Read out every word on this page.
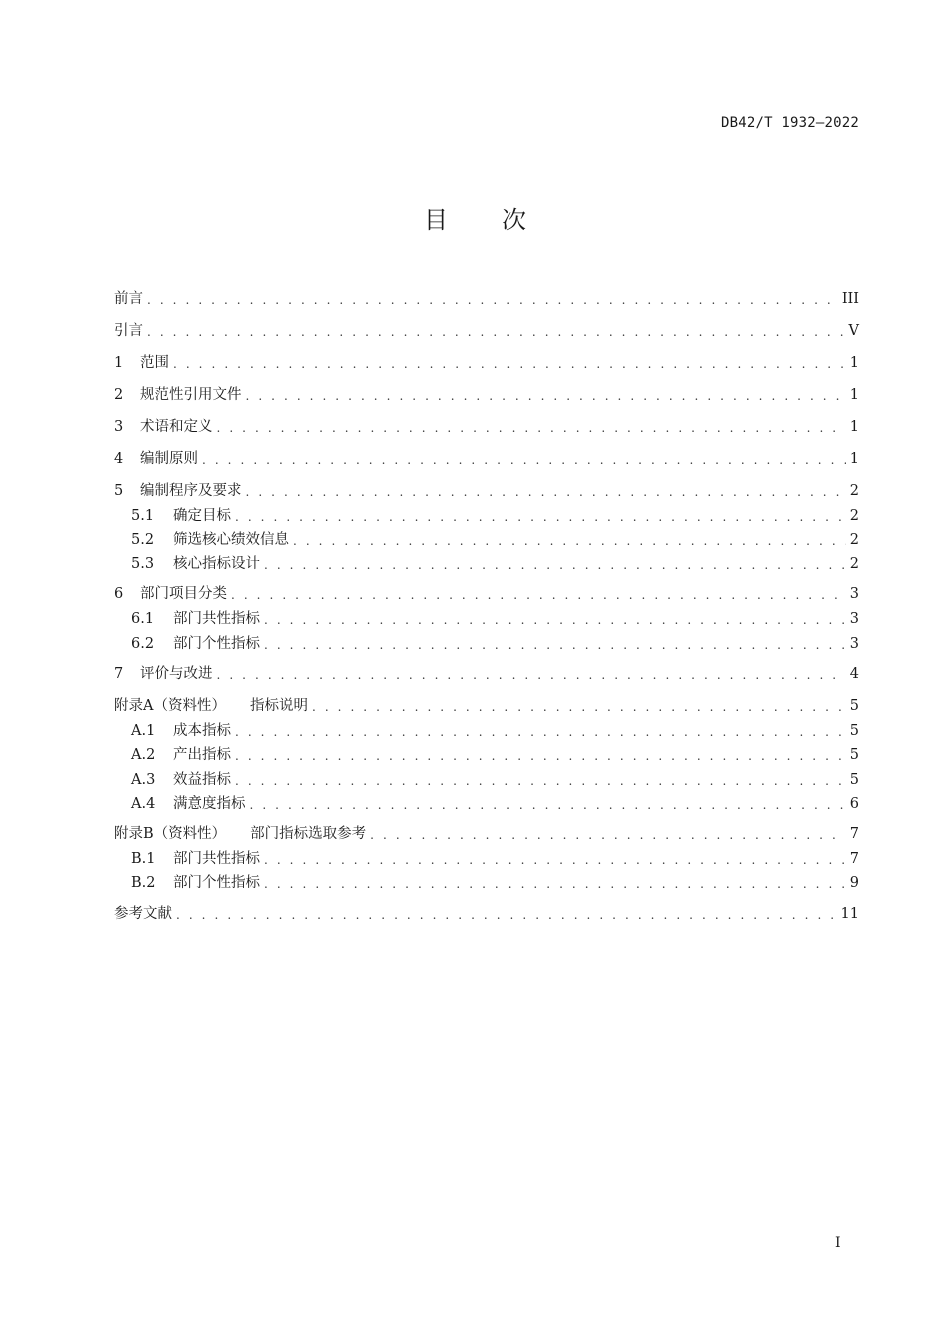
DB42/T 1932—2022
目 次
前言 . . .	III
引言 . . .	V
1	范围 . . .	1
2	规范性引用文件 . . .	1
3	术语和定义 . . .	1
4	编制原则 . . .	1
5	编制程序及要求 . . .	2
5.1	确定目标 . . .	2
5.2	筛选核心绩效信息 . . .	2
5.3	核心指标设计 . . .	2
6	部门项目分类 . . .	3
6.1	部门共性指标 . . .	3
6.2	部门个性指标 . . .	3
7	评价与改进 . . .	4
附录A（资料性） 指标说明 . . .	5
A.1	成本指标 . . .	5
A.2	产出指标 . . .	5
A.3	效益指标 . . .	5
A.4	满意度指标 . . .	6
附录B（资料性） 部门指标选取参考 . . .	7
B.1	部门共性指标 . . .	7
B.2	部门个性指标 . . .	9
参考文献 . . .	11
I
